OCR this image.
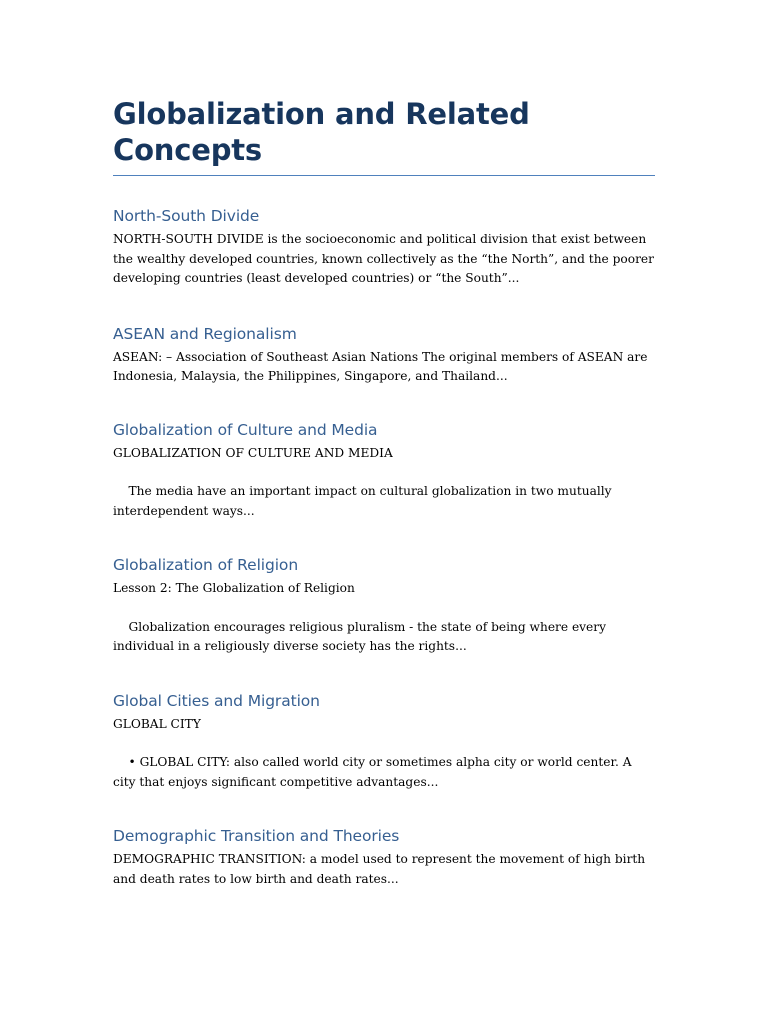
Globalization and Related Concepts
North-South Divide

NORTH-SOUTH DIVIDE is the socioeconomic and political division that exist between the wealthy developed countries, known collectively as the “the North”, and the poorer developing countries (least developed countries) or “the South”...

ASEAN and Regionalism

ASEAN: – Association of Southeast Asian Nations The original members of ASEAN are Indonesia, Malaysia, the Philippines, Singapore, and Thailand...

Globalization of Culture and Media

GLOBALIZATION OF CULTURE AND MEDIA

The media have an important impact on cultural globalization in two mutually interdependent ways...

Globalization of Religion

Lesson 2: The Globalization of Religion

Globalization encourages religious pluralism - the state of being where every individual in a religiously diverse society has the rights...

Global Cities and Migration

GLOBAL CITY

• GLOBAL CITY: also called world city or sometimes alpha city or world center. A city that enjoys significant competitive advantages...

Demographic Transition and Theories

DEMOGRAPHIC TRANSITION: a model used to represent the movement of high birth and death rates to low birth and death rates...
